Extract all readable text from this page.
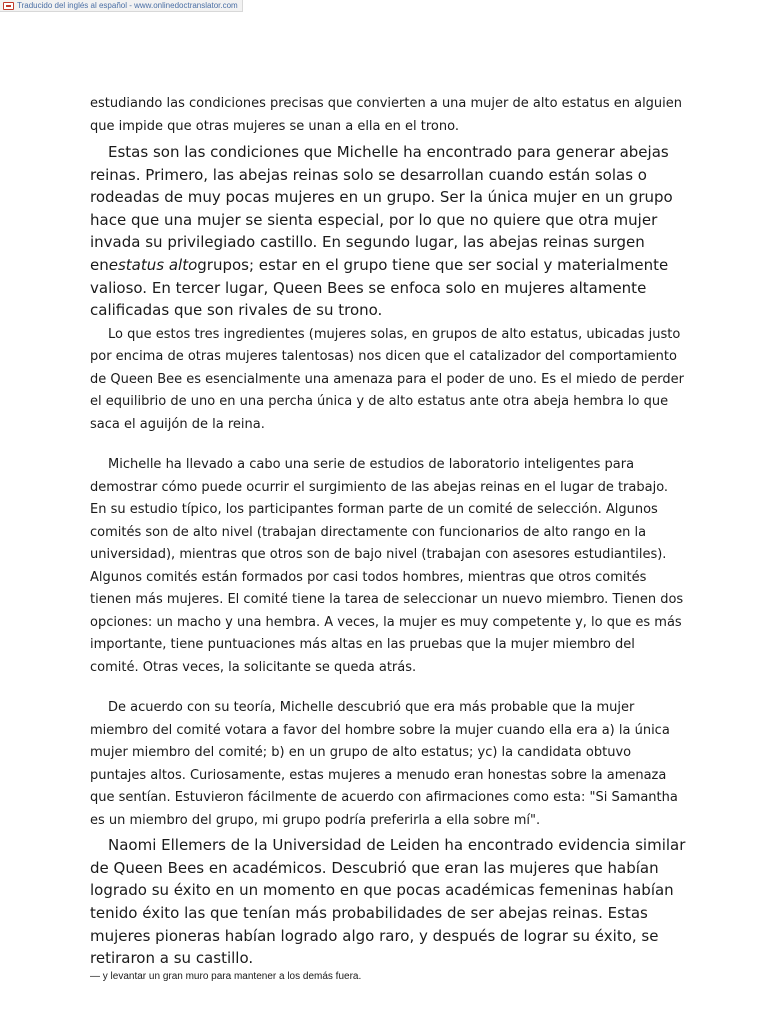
Traducido del inglés al español - www.onlinedoctranslator.com

estudiando las condiciones precisas que convierten a una mujer de alto estatus en alguien que impide que otras mujeres se unan a ella en el trono.

Estas son las condiciones que Michelle ha encontrado para generar abejas reinas. Primero, las abejas reinas solo se desarrollan cuando están solas o rodeadas de muy pocas mujeres en un grupo. Ser la única mujer en un grupo hace que una mujer se sienta especial, por lo que no quiere que otra mujer invada su privilegiado castillo. En segundo lugar, las abejas reinas surgen enestatus altogrupos; estar en el grupo tiene que ser social y materialmente valioso. En tercer lugar, Queen Bees se enfoca solo en mujeres altamente calificadas que son rivales de su trono.

Lo que estos tres ingredientes (mujeres solas, en grupos de alto estatus, ubicadas justo por encima de otras mujeres talentosas) nos dicen que el catalizador del comportamiento de Queen Bee es esencialmente una amenaza para el poder de uno. Es el miedo de perder el equilibrio de uno en una percha única y de alto estatus ante otra abeja hembra lo que saca el aguijón de la reina.

Michelle ha llevado a cabo una serie de estudios de laboratorio inteligentes para demostrar cómo puede ocurrir el surgimiento de las abejas reinas en el lugar de trabajo. En su estudio típico, los participantes forman parte de un comité de selección. Algunos comités son de alto nivel (trabajan directamente con funcionarios de alto rango en la universidad), mientras que otros son de bajo nivel (trabajan con asesores estudiantiles). Algunos comités están formados por casi todos hombres, mientras que otros comités tienen más mujeres. El comité tiene la tarea de seleccionar un nuevo miembro. Tienen dos opciones: un macho y una hembra. A veces, la mujer es muy competente y, lo que es más importante, tiene puntuaciones más altas en las pruebas que la mujer miembro del comité. Otras veces, la solicitante se queda atrás.

De acuerdo con su teoría, Michelle descubrió que era más probable que la mujer miembro del comité votara a favor del hombre sobre la mujer cuando ella era a) la única mujer miembro del comité; b) en un grupo de alto estatus; yc) la candidata obtuvo puntajes altos. Curiosamente, estas mujeres a menudo eran honestas sobre la amenaza que sentían. Estuvieron fácilmente de acuerdo con afirmaciones como esta: "Si Samantha es un miembro del grupo, mi grupo podría preferirla a ella sobre mí".

Naomi Ellemers de la Universidad de Leiden ha encontrado evidencia similar de Queen Bees en académicos. Descubrió que eran las mujeres que habían logrado su éxito en un momento en que pocas académicas femeninas habían tenido éxito las que tenían más probabilidades de ser abejas reinas. Estas mujeres pioneras habían logrado algo raro, y después de lograr su éxito, se retiraron a su castillo.

— y levantar un gran muro para mantener a los demás fuera.
